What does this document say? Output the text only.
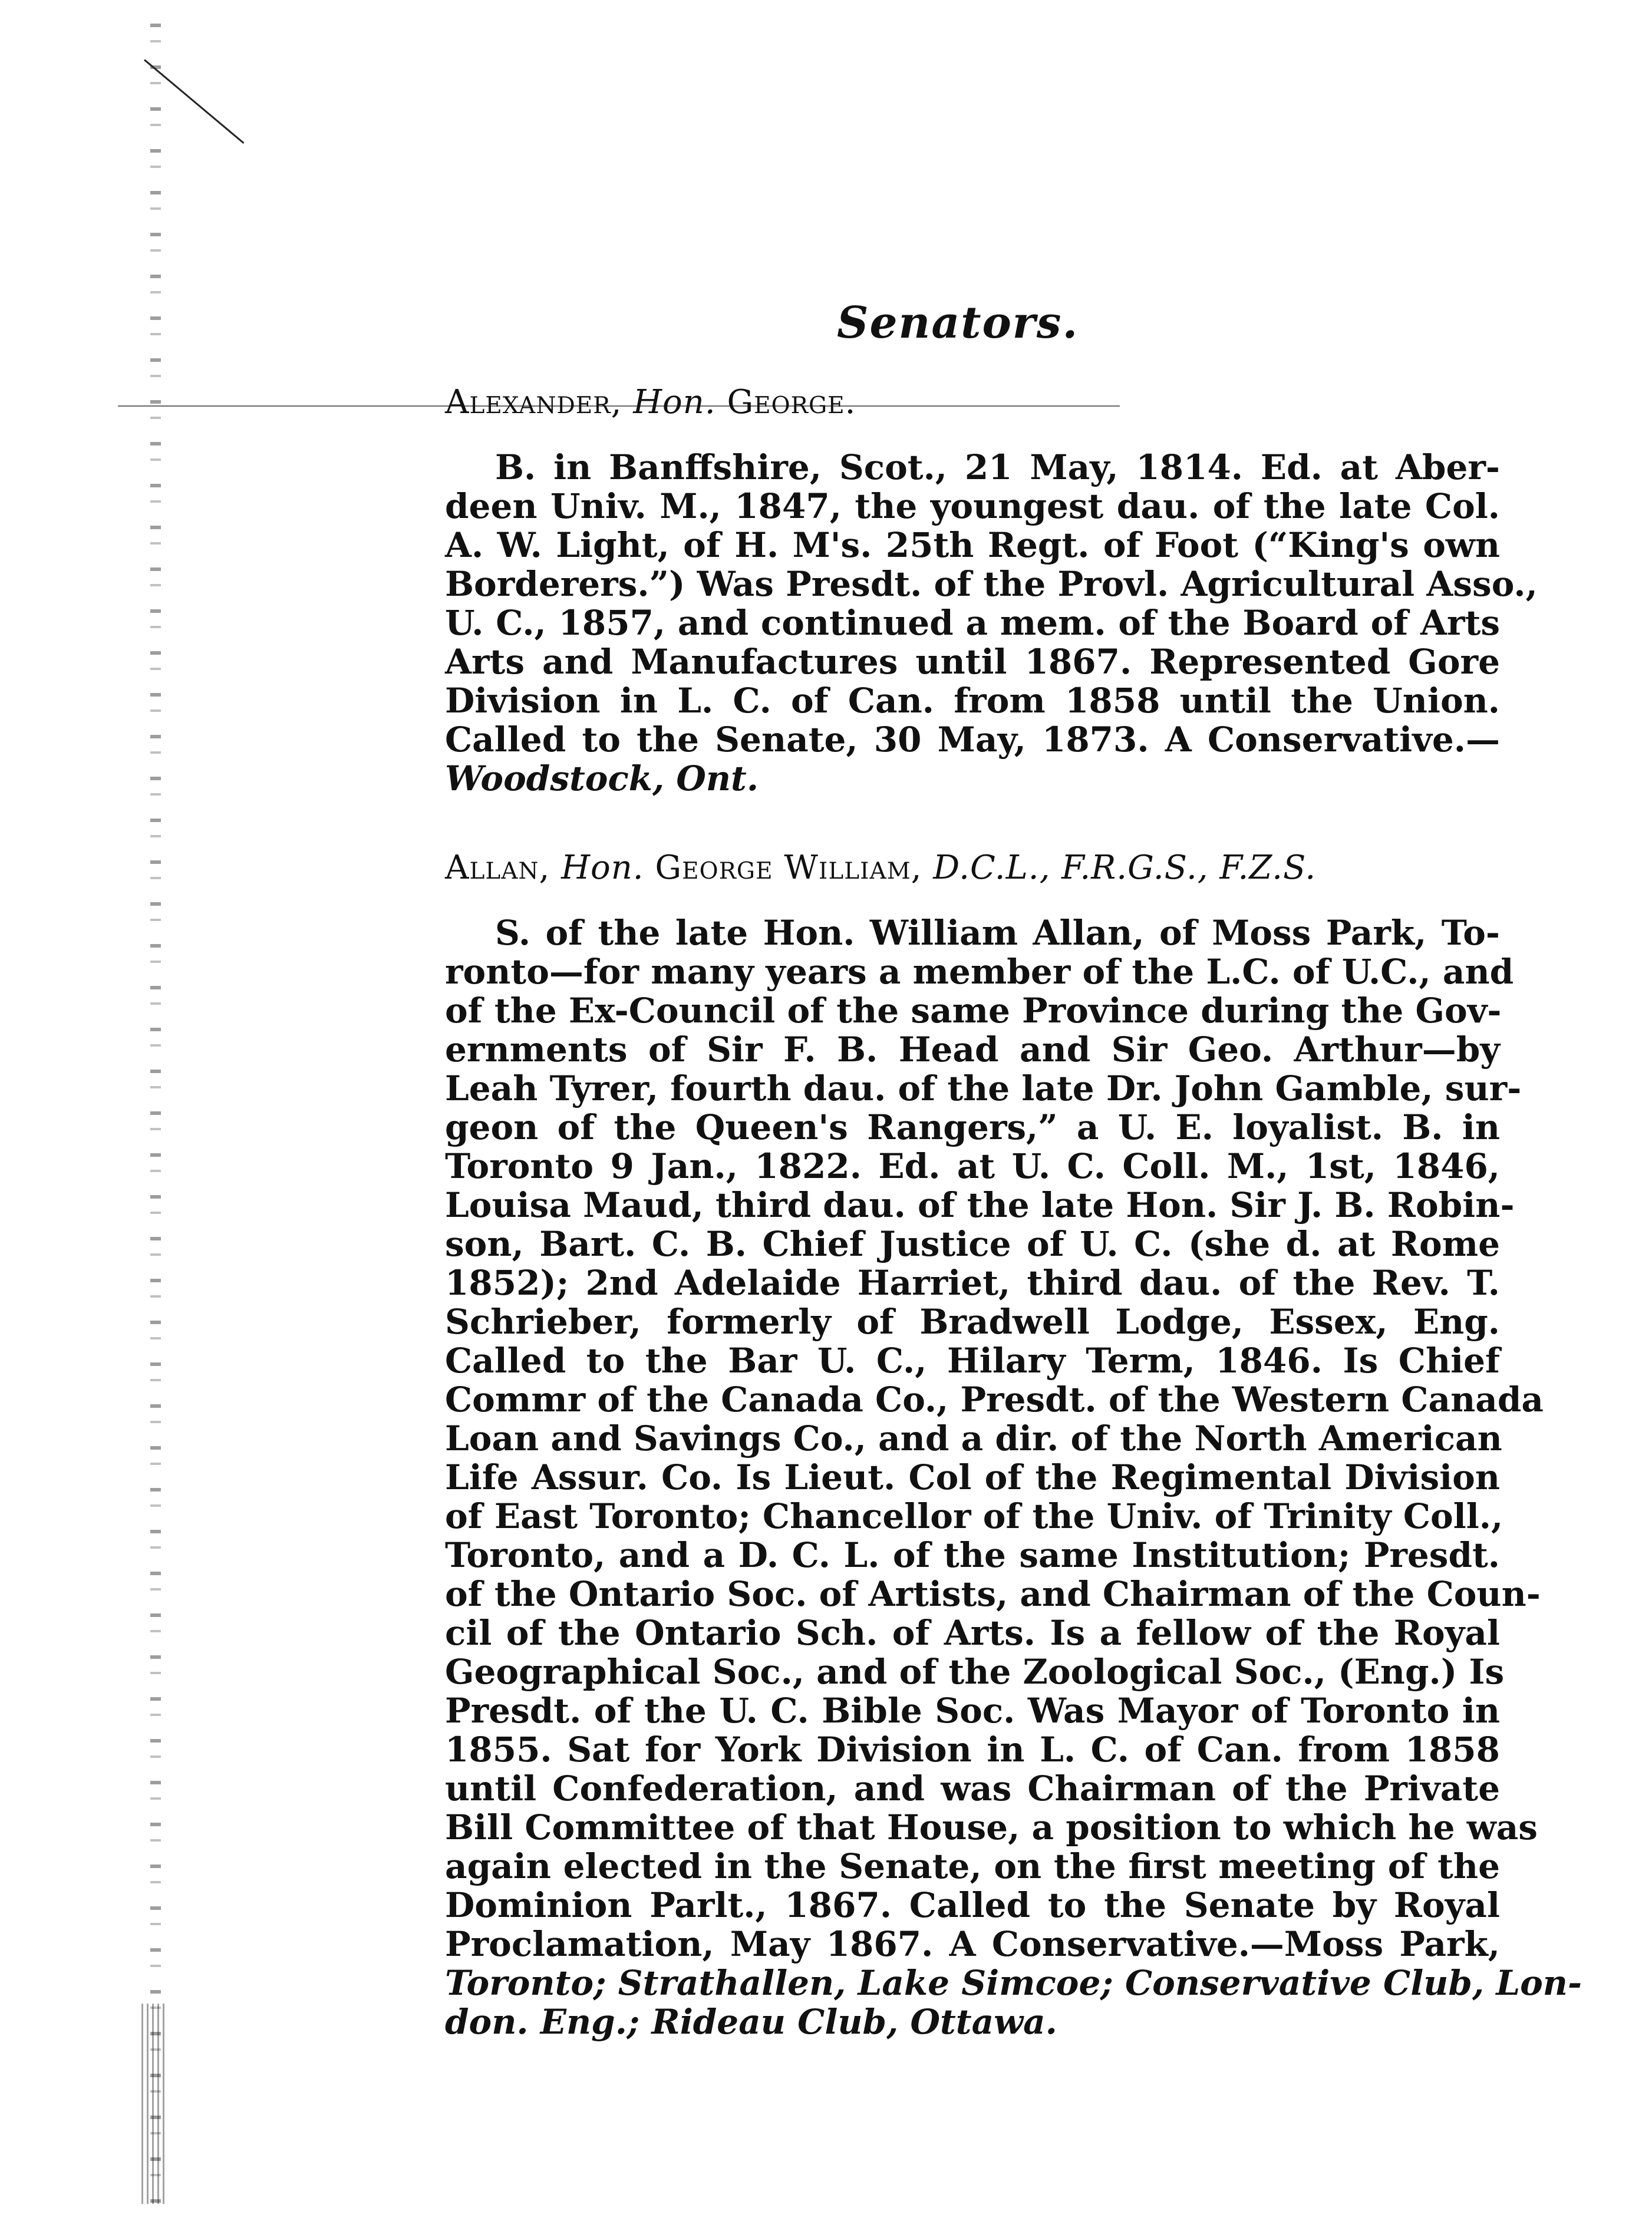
Senators.
Alexander, Hon. George.
B. in Banffshire, Scot., 21 May, 1814. Ed. at Aber-
deen Univ. M., 1847, the youngest dau. of the late Col.
A. W. Light, of H. M's. 25th Regt. of Foot (“King's own
Borderers.”) Was Presdt. of the Provl. Agricultural Asso.,
U. C., 1857, and continued a mem. of the Board of Arts
Arts and Manufactures until 1867. Represented Gore
Division in L. C. of Can. from 1858 until the Union.
Called to the Senate, 30 May, 1873. A Conservative.—
Woodstock, Ont.
Allan, Hon. George William, D.C.L., F.R.G.S., F.Z.S.
S. of the late Hon. William Allan, of Moss Park, To-
ronto—for many years a member of the L.C. of U.C., and
of the Ex-Council of the same Province during the Gov-
ernments of Sir F. B. Head and Sir Geo. Arthur—by
Leah Tyrer, fourth dau. of the late Dr. John Gamble, sur-
geon of the Queen's Rangers,” a U. E. loyalist. B. in
Toronto 9 Jan., 1822. Ed. at U. C. Coll. M., 1st, 1846,
Louisa Maud, third dau. of the late Hon. Sir J. B. Robin-
son, Bart. C. B. Chief Justice of U. C. (she d. at Rome
1852); 2nd Adelaide Harriet, third dau. of the Rev. T.
Schrieber, formerly of Bradwell Lodge, Essex, Eng.
Called to the Bar U. C., Hilary Term, 1846. Is Chief
Commr of the Canada Co., Presdt. of the Western Canada
Loan and Savings Co., and a dir. of the North American
Life Assur. Co. Is Lieut. Col of the Regimental Division
of East Toronto; Chancellor of the Univ. of Trinity Coll.,
Toronto, and a D. C. L. of the same Institution; Presdt.
of the Ontario Soc. of Artists, and Chairman of the Coun-
cil of the Ontario Sch. of Arts. Is a fellow of the Royal
Geographical Soc., and of the Zoological Soc., (Eng.) Is
Presdt. of the U. C. Bible Soc. Was Mayor of Toronto in
1855. Sat for York Division in L. C. of Can. from 1858
until Confederation, and was Chairman of the Private
Bill Committee of that House, a position to which he was
again elected in the Senate, on the first meeting of the
Dominion Parlt., 1867. Called to the Senate by Royal
Proclamation, May 1867. A Conservative.—Moss Park,
Toronto; Strathallen, Lake Simcoe; Conservative Club, Lon-
don. Eng.; Rideau Club, Ottawa.
